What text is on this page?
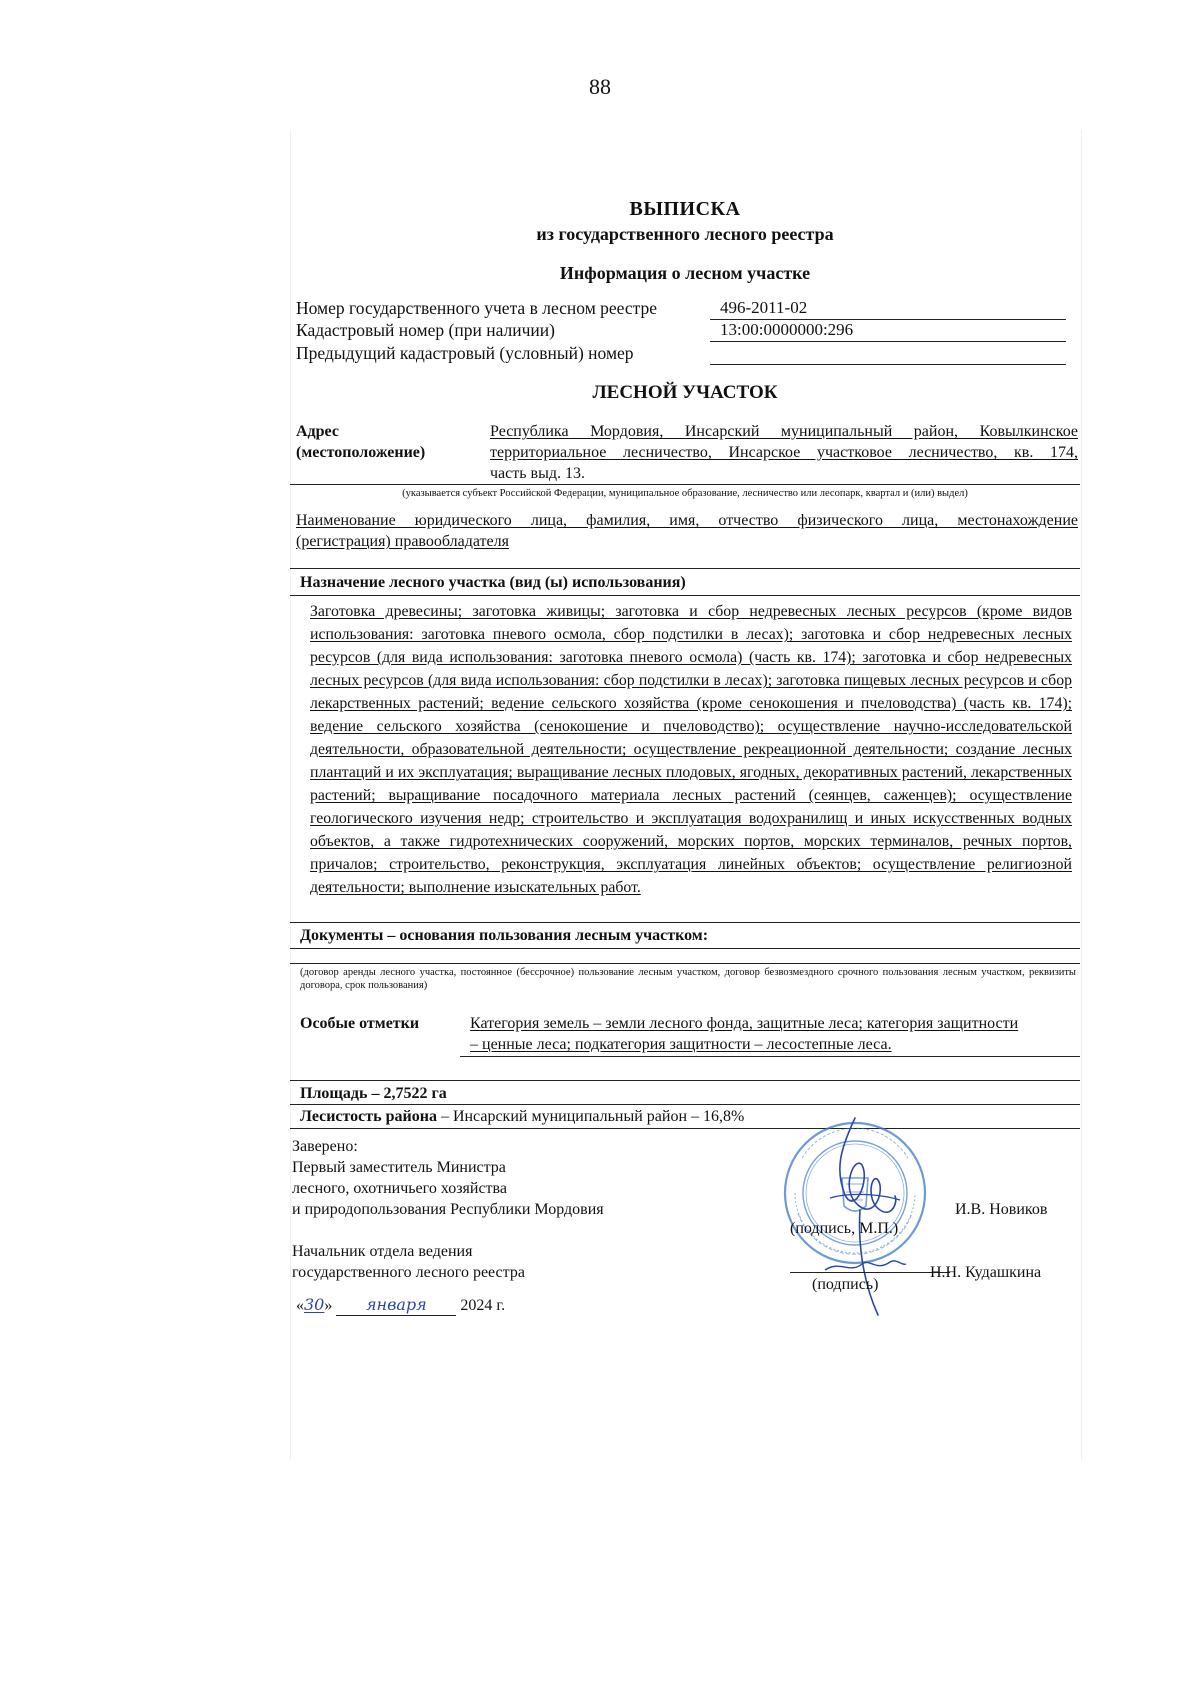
88
ВЫПИСКА
из государственного лесного реестра
Информация о лесном участке
Номер государственного учета в лесном реестре	496-2011-02
Кадастровый номер (при наличии)	13:00:0000000:296
Предыдущий кадастровый (условный) номер
ЛЕСНОЙ УЧАСТОК
Адрес
(местоположение)
Республика Мордовия, Инсарский муниципальный район, Ковылкинское
территориальное лесничество, Инсарское участковое лесничество, кв. 174,
часть выд. 13.
(указывается субъект Российской Федерации, муниципальное образование, лесничество или лесопарк, квартал и (или) выдел)
Наименование юридического лица, фамилия, имя, отчество физического лица, местонахождение
(регистрация) правообладателя
Назначение лесного участка (вид (ы) использования)
Заготовка древесины; заготовка живицы; заготовка и сбор недревесных лесных ресурсов (кроме видов использования: заготовка пневого осмола, сбор подстилки в лесах); заготовка и сбор недревесных лесных ресурсов (для вида использования: заготовка пневого осмола) (часть кв. 174); заготовка и сбор недревесных лесных ресурсов (для вида использования: сбор подстилки в лесах); заготовка пищевых лесных ресурсов и сбор лекарственных растений; ведение сельского хозяйства (кроме сенокошения и пчеловодства) (часть кв. 174); ведение сельского хозяйства (сенокошение и пчеловодство); осуществление научно-исследовательской деятельности, образовательной деятельности; осуществление рекреационной деятельности; создание лесных плантаций и их эксплуатация; выращивание лесных плодовых, ягодных, декоративных растений, лекарственных растений; выращивание посадочного материала лесных растений (сеянцев, саженцев); осуществление геологического изучения недр; строительство и эксплуатация водохранилищ и иных искусственных водных объектов, а также гидротехнических сооружений, морских портов, морских терминалов, речных портов, причалов; строительство, реконструкция, эксплуатация линейных объектов; осуществление религиозной деятельности; выполнение изыскательных работ.
Документы – основания пользования лесным участком:
(договор аренды лесного участка, постоянное (бессрочное) пользование лесным участком, договор безвозмездного срочного пользования лесным участком, реквизиты договора, срок пользования)
Особые отметки	Категория земель – земли лесного фонда, защитные леса; категория защитности
– ценные леса; подкатегория защитности – лесостепные леса.
Площадь – 2,7522 га
Лесистость района – Инсарский муниципальный район – 16,8%
Заверено:
Первый заместитель Министра
лесного, охотничьего хозяйства
и природопользования Республики Мордовия
Начальник отдела ведения
государственного лесного реестра
(подпись, М.П.)
И.В. Новиков
(подпись)
Н.Н. Кудашкина
«30» января 2024 г.
